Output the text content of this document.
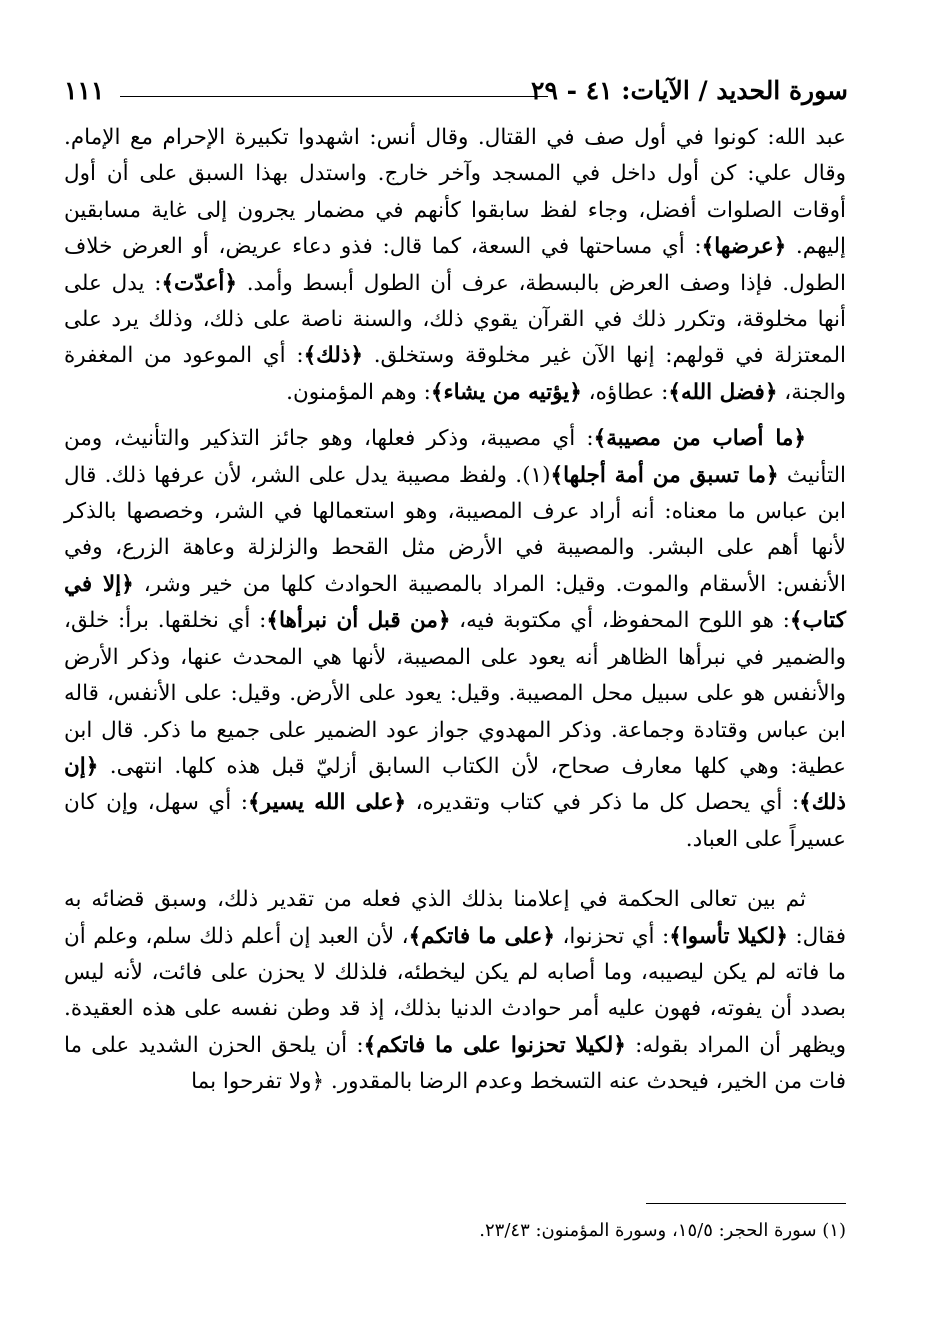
سورة الحديد / الآيات: ٤١ - ٢٩
١١١

عبد الله: كونوا في أول صف في القتال. وقال أنس: اشهدوا تكبيرة الإحرام مع الإمام. وقال علي: كن أول داخل في المسجد وآخر خارج. واستدل بهذا السبق على أن أول أوقات الصلوات أفضل، وجاء لفظ سابقوا كأنهم في مضمار يجرون إلى غاية مسابقين إليهم. ﴿عرضها﴾: أي مساحتها في السعة، كما قال: فذو دعاء عريض، أو العرض خلاف الطول. فإذا وصف العرض بالبسطة، عرف أن الطول أبسط وأمد. ﴿أعدّت﴾: يدل على أنها مخلوقة، وتكرر ذلك في القرآن يقوي ذلك، والسنة ناصة على ذلك، وذلك يرد على المعتزلة في قولهم: إنها الآن غير مخلوقة وستخلق. ﴿ذلك﴾: أي الموعود من المغفرة والجنة، ﴿فضل الله﴾: عطاؤه، ﴿يؤتيه من يشاء﴾: وهم المؤمنون.

﴿ما أصاب من مصيبة﴾: أي مصيبة، وذكر فعلها، وهو جائز التذكير والتأنيث، ومن التأنيث ﴿ما تسبق من أمة أجلها﴾(١). ولفظ مصيبة يدل على الشر، لأن عرفها ذلك. قال ابن عباس ما معناه: أنه أراد عرف المصيبة، وهو استعمالها في الشر، وخصصها بالذكر لأنها أهم على البشر. والمصيبة في الأرض مثل القحط والزلزلة وعاهة الزرع، وفي الأنفس: الأسقام والموت. وقيل: المراد بالمصيبة الحوادث كلها من خير وشر، ﴿إلا في كتاب﴾: هو اللوح المحفوظ، أي مكتوبة فيه، ﴿من قبل أن نبرأها﴾: أي نخلقها. برأ: خلق، والضمير في نبرأها الظاهر أنه يعود على المصيبة، لأنها هي المحدث عنها، وذكر الأرض والأنفس هو على سبيل محل المصيبة. وقيل: يعود على الأرض. وقيل: على الأنفس، قاله ابن عباس وقتادة وجماعة. وذكر المهدوي جواز عود الضمير على جميع ما ذكر. قال ابن عطية: وهي كلها معارف صحاح، لأن الكتاب السابق أزليّ قبل هذه كلها. انتهى. ﴿إن ذلك﴾: أي يحصل كل ما ذكر في كتاب وتقديره، ﴿على الله يسير﴾: أي سهل، وإن كان عسيراً على العباد.

ثم بين تعالى الحكمة في إعلامنا بذلك الذي فعله من تقدير ذلك، وسبق قضائه به فقال: ﴿لكيلا تأسوا﴾: أي تحزنوا، ﴿على ما فاتكم﴾، لأن العبد إن أعلم ذلك سلم، وعلم أن ما فاته لم يكن ليصيبه، وما أصابه لم يكن ليخطئه، فلذلك لا يحزن على فائت، لأنه ليس بصدد أن يفوته، فهون عليه أمر حوادث الدنيا بذلك، إذ قد وطن نفسه على هذه العقيدة. ويظهر أن المراد بقوله: ﴿لكيلا تحزنوا على ما فاتكم﴾: أن يلحق الحزن الشديد على ما فات من الخير، فيحدث عنه التسخط وعدم الرضا بالمقدور. ﴿ولا تفرحوا بما

(١) سورة الحجر: ١٥/٥، وسورة المؤمنون: ٢٣/٤٣.
